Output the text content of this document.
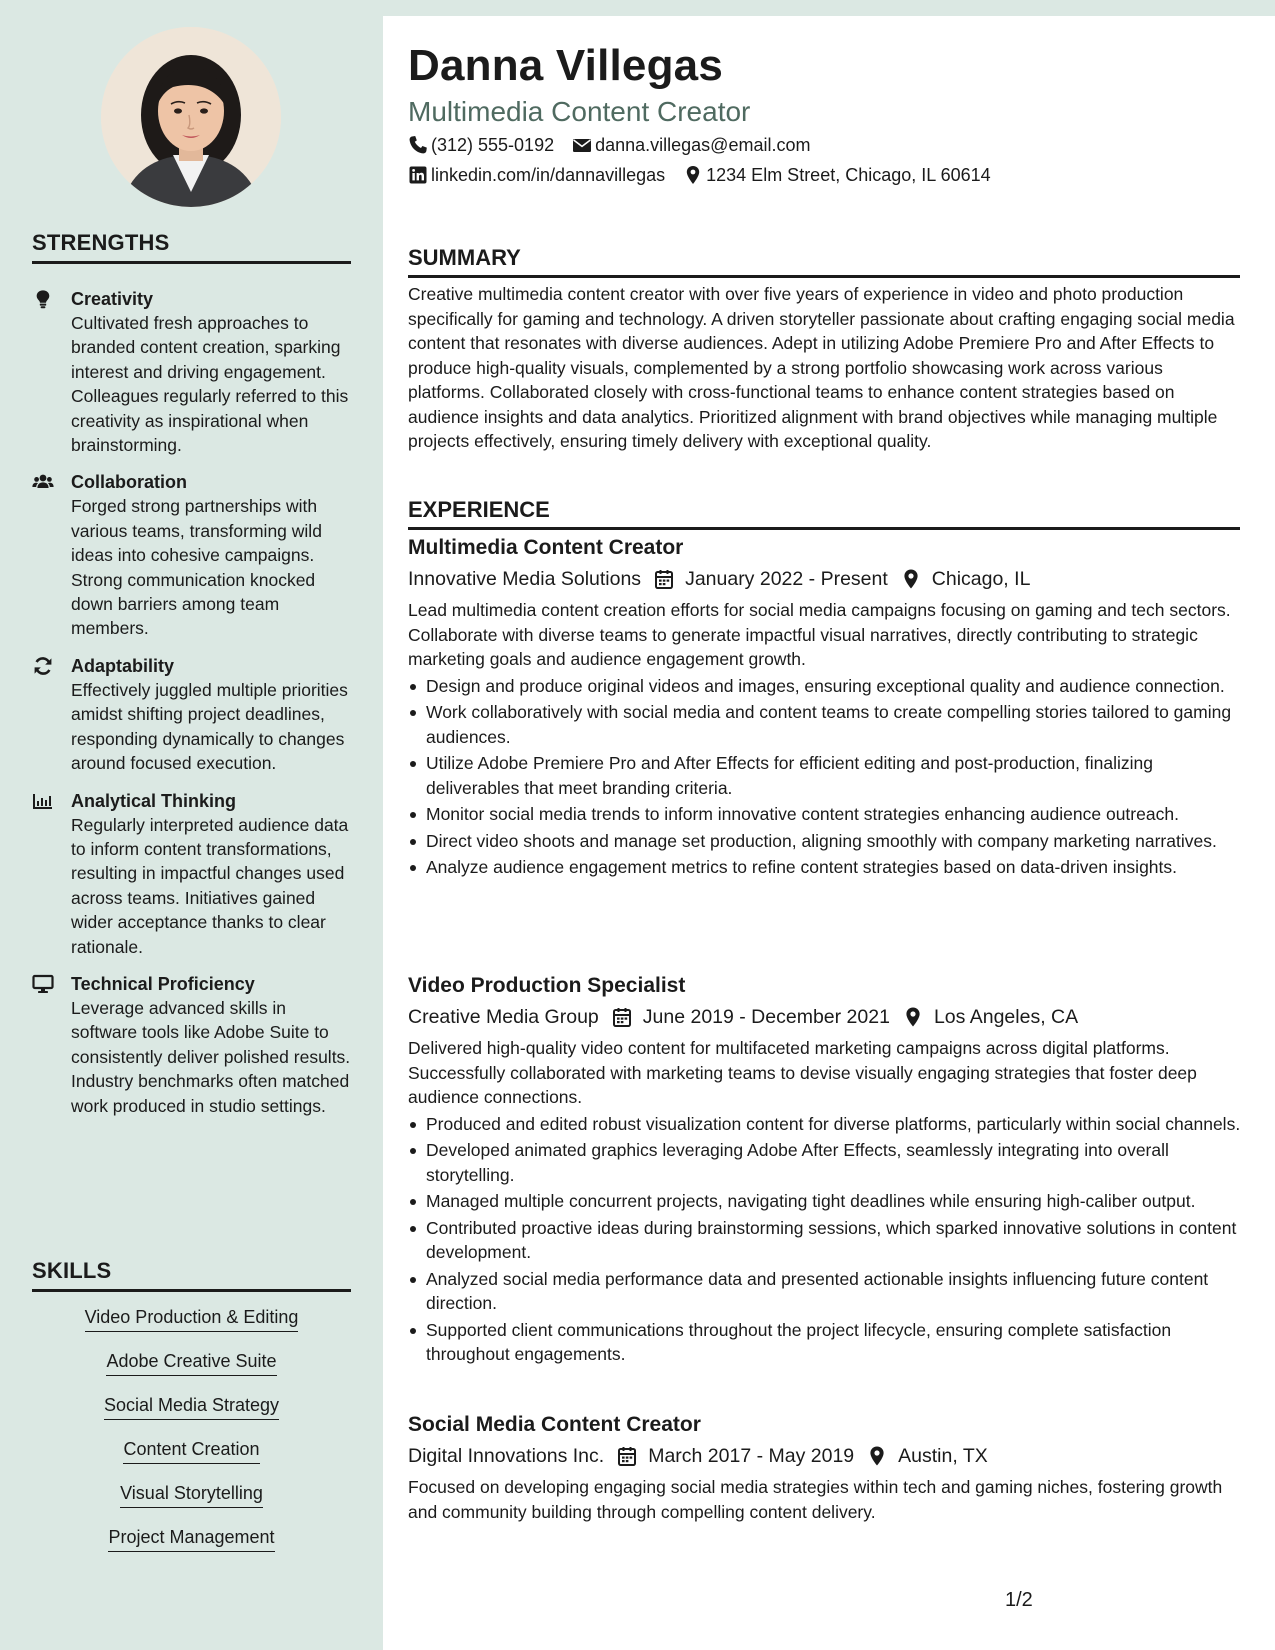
STRENGTHS
Creativity
Cultivated fresh approaches to branded content creation, sparking interest and driving engagement. Colleagues regularly referred to this creativity as inspirational when brainstorming.
Collaboration
Forged strong partnerships with various teams, transforming wild ideas into cohesive campaigns. Strong communication knocked down barriers among team members.
Adaptability
Effectively juggled multiple priorities amidst shifting project deadlines, responding dynamically to changes around focused execution.
Analytical Thinking
Regularly interpreted audience data to inform content transformations, resulting in impactful changes used across teams. Initiatives gained wider acceptance thanks to clear rationale.
Technical Proficiency
Leverage advanced skills in software tools like Adobe Suite to consistently deliver polished results. Industry benchmarks often matched work produced in studio settings.
SKILLS
Video Production & Editing
Adobe Creative Suite
Social Media Strategy
Content Creation
Visual Storytelling
Project Management
Danna Villegas
Multimedia Content Creator
(312) 555-0192 danna.villegas@email.com
linkedin.com/in/dannavillegas 1234 Elm Street, Chicago, IL 60614
SUMMARY
Creative multimedia content creator with over five years of experience in video and photo production specifically for gaming and technology. A driven storyteller passionate about crafting engaging social media content that resonates with diverse audiences. Adept in utilizing Adobe Premiere Pro and After Effects to produce high-quality visuals, complemented by a strong portfolio showcasing work across various platforms. Collaborated closely with cross-functional teams to enhance content strategies based on audience insights and data analytics. Prioritized alignment with brand objectives while managing multiple projects effectively, ensuring timely delivery with exceptional quality.
EXPERIENCE
Multimedia Content Creator
Innovative Media Solutions January 2022 - Present Chicago, IL
Lead multimedia content creation efforts for social media campaigns focusing on gaming and tech sectors. Collaborate with diverse teams to generate impactful visual narratives, directly contributing to strategic marketing goals and audience engagement growth.
Design and produce original videos and images, ensuring exceptional quality and audience connection.
Work collaboratively with social media and content teams to create compelling stories tailored to gaming audiences.
Utilize Adobe Premiere Pro and After Effects for efficient editing and post-production, finalizing deliverables that meet branding criteria.
Monitor social media trends to inform innovative content strategies enhancing audience outreach.
Direct video shoots and manage set production, aligning smoothly with company marketing narratives.
Analyze audience engagement metrics to refine content strategies based on data-driven insights.
Video Production Specialist
Creative Media Group June 2019 - December 2021 Los Angeles, CA
Delivered high-quality video content for multifaceted marketing campaigns across digital platforms. Successfully collaborated with marketing teams to devise visually engaging strategies that foster deep audience connections.
Produced and edited robust visualization content for diverse platforms, particularly within social channels.
Developed animated graphics leveraging Adobe After Effects, seamlessly integrating into overall storytelling.
Managed multiple concurrent projects, navigating tight deadlines while ensuring high-caliber output.
Contributed proactive ideas during brainstorming sessions, which sparked innovative solutions in content development.
Analyzed social media performance data and presented actionable insights influencing future content direction.
Supported client communications throughout the project lifecycle, ensuring complete satisfaction throughout engagements.
Social Media Content Creator
Digital Innovations Inc. March 2017 - May 2019 Austin, TX
Focused on developing engaging social media strategies within tech and gaming niches, fostering growth and community building through compelling content delivery.
1/2
